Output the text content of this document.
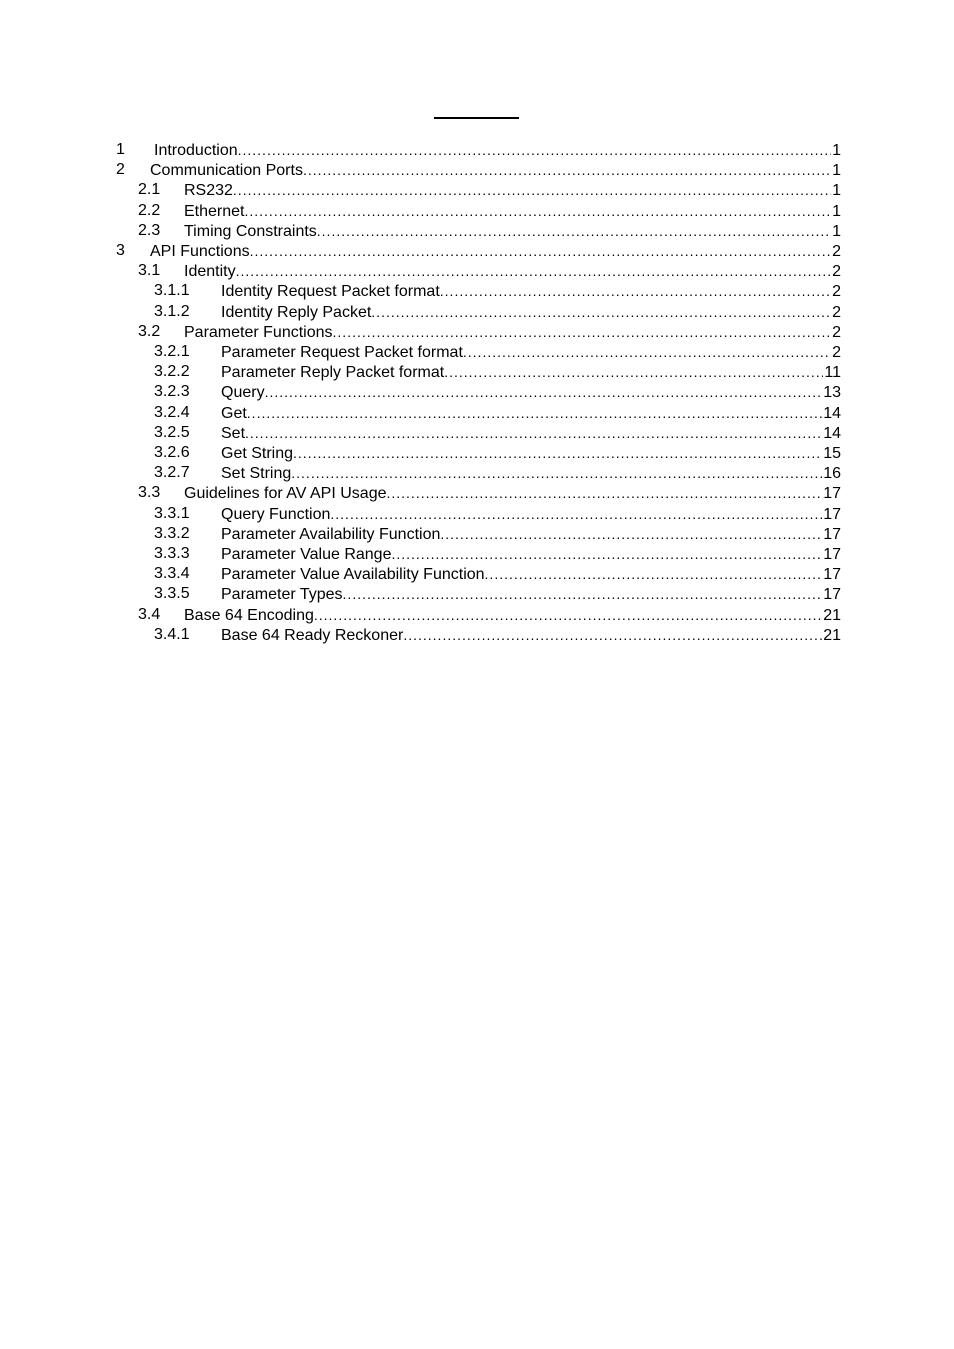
1 Introduction .....	1
2 Communication Ports .....	1
2.1 RS232 .....	1
2.2 Ethernet .....	1
2.3 Timing Constraints .....	1
3 API Functions .....	2
3.1 Identity .....	2
3.1.1 Identity Request Packet format .....	2
3.1.2 Identity Reply Packet .....	2
3.2 Parameter Functions .....	2
3.2.1 Parameter Request Packet format .....	2
3.2.2 Parameter Reply Packet format .....	11
3.2.3 Query .....	13
3.2.4 Get .....	14
3.2.5 Set .....	14
3.2.6 Get String .....	15
3.2.7 Set String .....	16
3.3 Guidelines for AV API Usage .....	17
3.3.1 Query Function .....	17
3.3.2 Parameter Availability Function .....	17
3.3.3 Parameter Value Range .....	17
3.3.4 Parameter Value Availability Function .....	17
3.3.5 Parameter Types .....	17
3.4 Base 64 Encoding .....	21
3.4.1 Base 64 Ready Reckoner .....	21
